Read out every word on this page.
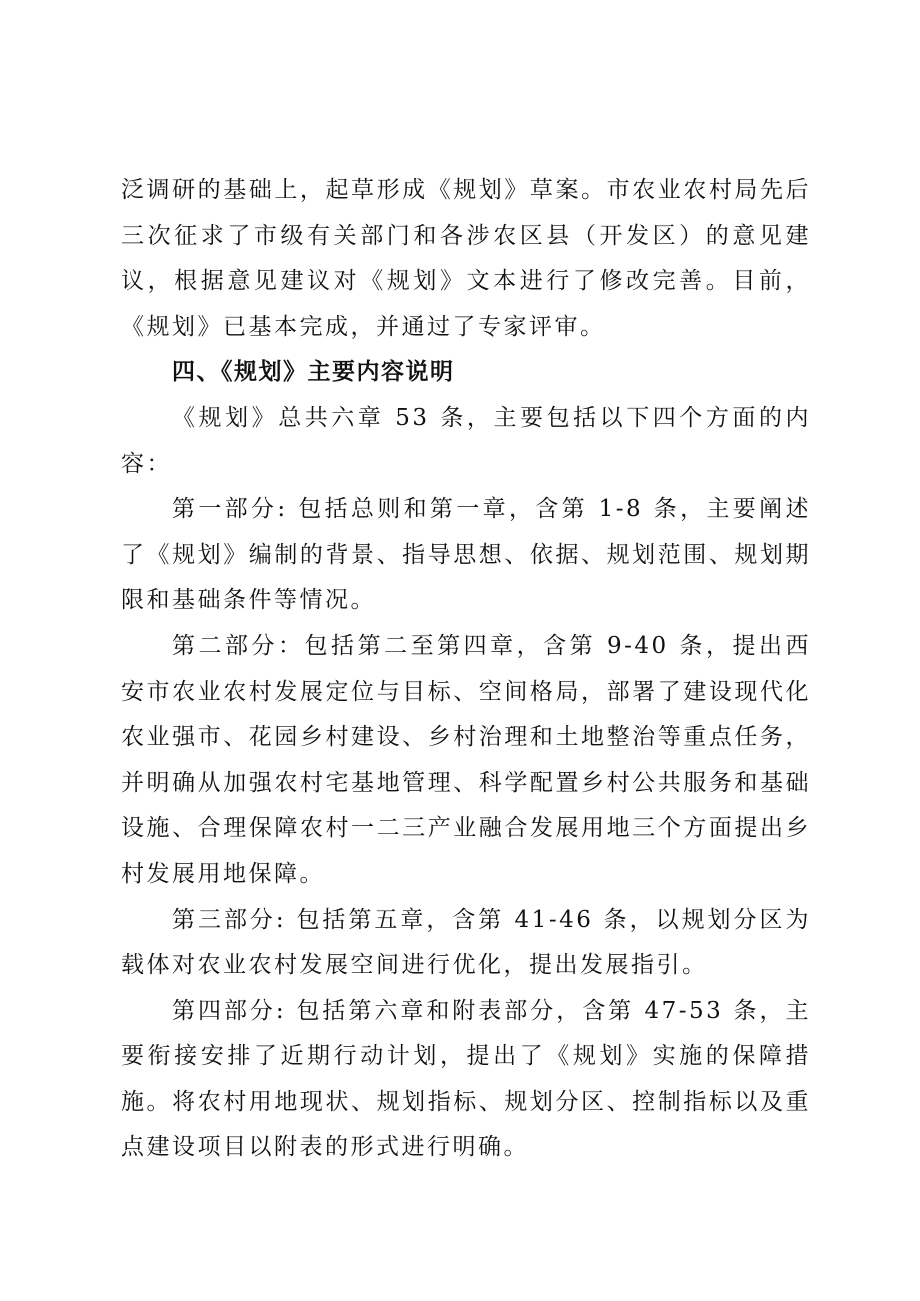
泛调研的基础上，起草形成《规划》草案。市农业农村局先后三次征求了市级有关部门和各涉农区县（开发区）的意见建议，根据意见建议对《规划》文本进行了修改完善。目前，《规划》已基本完成，并通过了专家评审。

四、《规划》主要内容说明

《规划》总共六章 53 条，主要包括以下四个方面的内容：

第一部分: 包括总则和第一章，含第 1-8 条，主要阐述了《规划》编制的背景、指导思想、依据、规划范围、规划期限和基础条件等情况。

第二部分：包括第二至第四章，含第 9-40 条，提出西安市农业农村发展定位与目标、空间格局，部署了建设现代化农业强市、花园乡村建设、乡村治理和土地整治等重点任务，并明确从加强农村宅基地管理、科学配置乡村公共服务和基础设施、合理保障农村一二三产业融合发展用地三个方面提出乡村发展用地保障。

第三部分: 包括第五章，含第 41-46 条，以规划分区为载体对农业农村发展空间进行优化，提出发展指引。

第四部分: 包括第六章和附表部分，含第 47-53 条，主要衔接安排了近期行动计划，提出了《规划》实施的保障措施。将农村用地现状、规划指标、规划分区、控制指标以及重点建设项目以附表的形式进行明确。
